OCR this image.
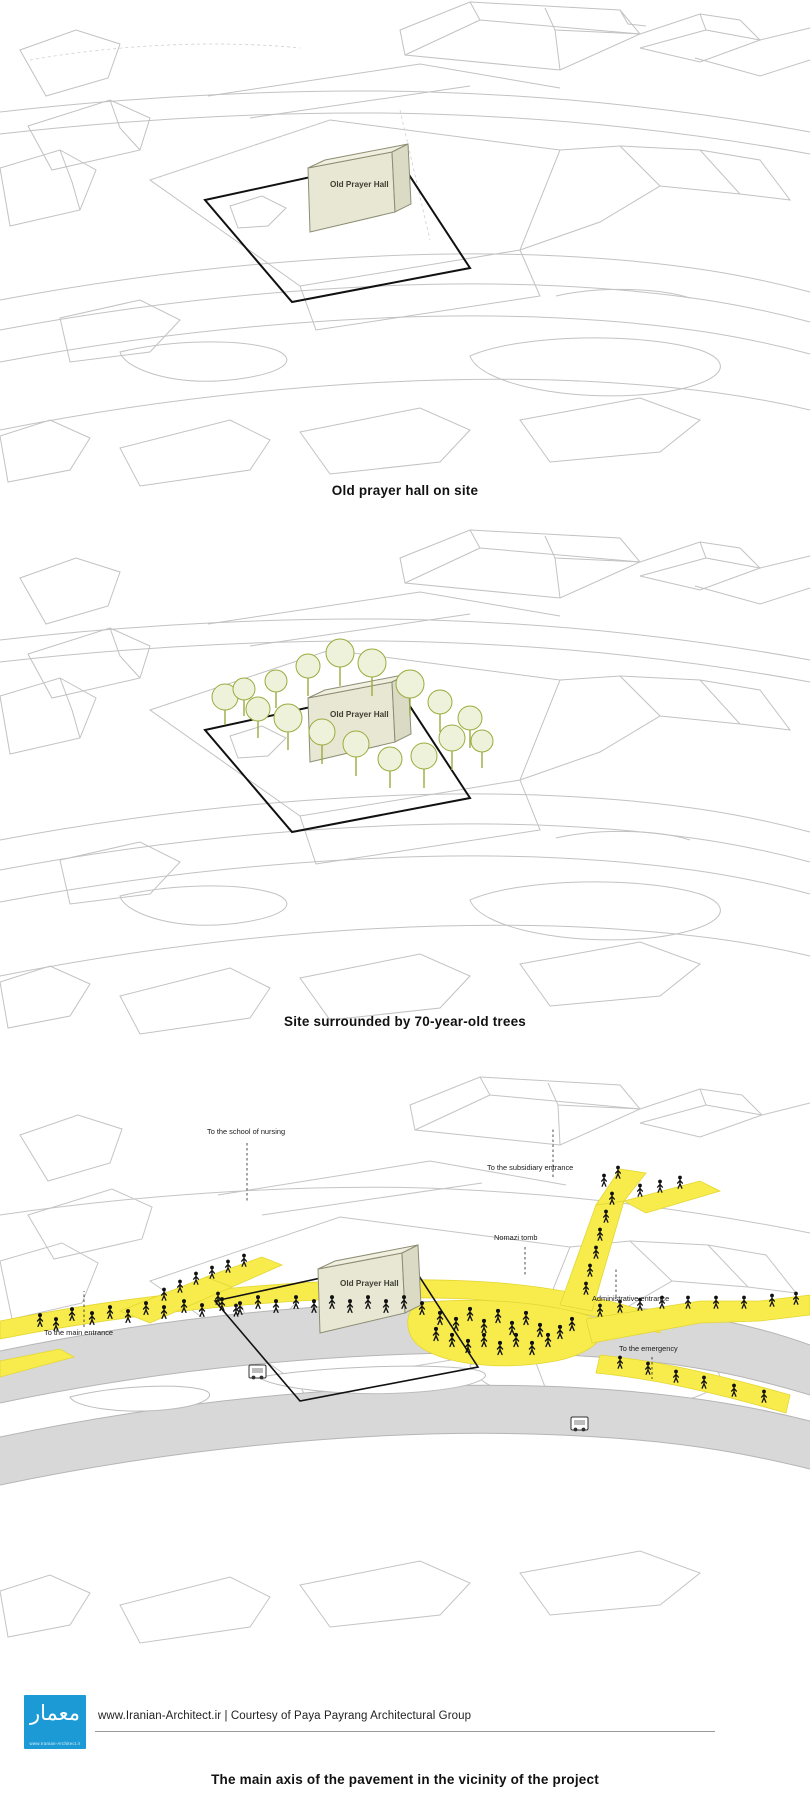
Old Prayer Hall
Old prayer hall on site
Old Prayer Hall
Site surrounded by 70-year-old trees
To the school of nursing
To the subsidiary entrance
Nomazi tomb
Administrative entrance
To the main entrance
To the emergency
Old Prayer Hall
The main axis of the pavement in the vicinity of the project
معمار
www.Iranian-Architect.ir
www.Iranian-Architect.ir | Courtesy of Paya Payrang Architectural Group
